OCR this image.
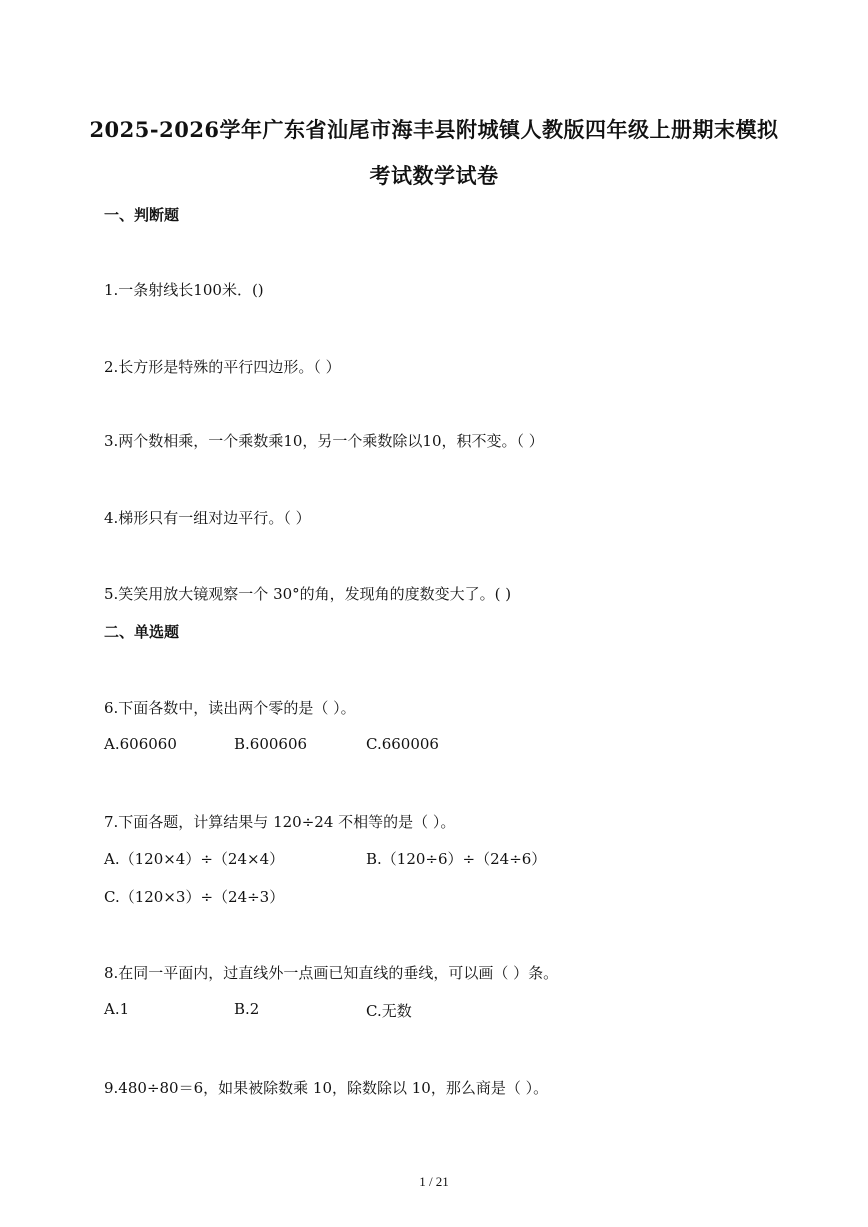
2025-2026学年广东省汕尾市海丰县附城镇人教版四年级上册期末模拟
考试数学试卷
一、判断题
1.一条射线长100米．()
2.长方形是特殊的平行四边形。（ ）
3.两个数相乘，一个乘数乘10，另一个乘数除以10，积不变。（ ）
4.梯形只有一组对边平行。（ ）
5.笑笑用放大镜观察一个 30°的角，发现角的度数变大了。( )
二、单选题
6.下面各数中，读出两个零的是（ ）。
A.606060	B.600606	C.660006
7.下面各题，计算结果与 120÷24 不相等的是（ ）。
A.（120×4）÷（24×4）	B.（120÷6）÷（24÷6）
C.（120×3）÷（24÷3）
8.在同一平面内，过直线外一点画已知直线的垂线，可以画（ ）条。
A.1	B.2	C.无数
9.480÷80＝6，如果被除数乘 10，除数除以 10，那么商是（ ）。
1 / 21
